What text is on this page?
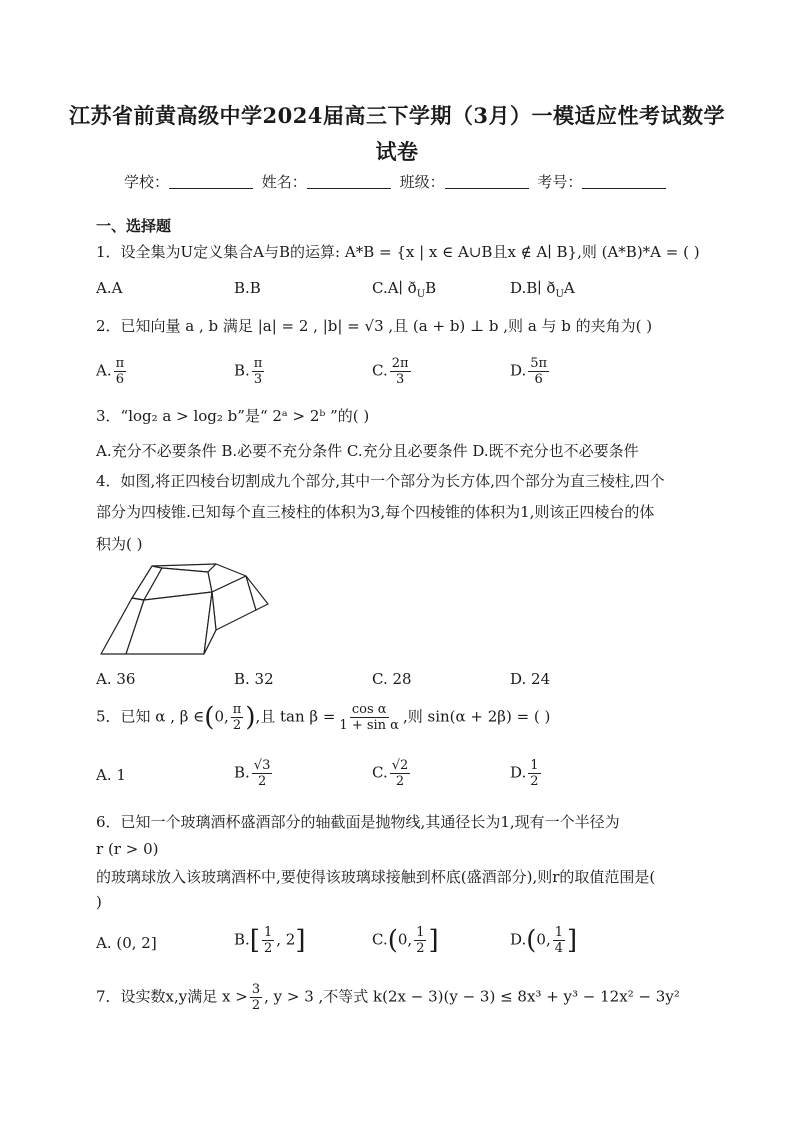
江苏省前黄高级中学2024届高三下学期（3月）一模适应性考试数学
试卷
学校：	姓名：	班级：	考号：
一、选择题
1．设全集为U定义集合A与B的运算: A*B = {x | x ∈ A∪B且x ∉ A∣ B},则 (A*B)*A = ( )
A.A	B.B	C.A∣ $ð_UB$	D.B∣ $ð_UA$
2．已知向量 a , b 满足 |a| = 2 , |b| = √3 ,且 (a + b) ⊥ b ,则 a 与 b 的夹角为( )
A. $\frac{\pi}{6}$	B. $\frac{\pi}{3}$	C. $\frac{2\pi}{3}$	D. $\frac{5\pi}{6}$
3．“log₂ a > log₂ b”是“ 2ᵃ > 2ᵇ ”的( )
A.充分不必要条件 B.必要不充分条件 C.充分且必要条件 D.既不充分也不必要条件
4．如图,将正四棱台切割成九个部分,其中一个部分为长方体,四个部分为直三棱柱,四个
部分为四棱锥.已知每个直三棱柱的体积为3,每个四棱锥的体积为1,则该正四棱台的体
积为( )
A. 36	B. 32	C. 28	D. 24
5．已知 α , β ∈(0, $\frac{\pi}{2}$ ),且 $\tan \beta = \frac{\text{cos α}}{\text{1 + sin α}}$ ,则 sin(α + 2β) = ( )
A. 1	B. $\frac{√3}{2}$	C. $\frac{√2}{2}$	D. $\frac{1}{2}$
6．已知一个玻璃酒杯盛酒部分的轴截面是抛物线,其通径长为1,现有一个半径为
r (r > 0)
的玻璃球放入该玻璃酒杯中,要使得该玻璃球接触到杯底(盛酒部分),则r的取值范围是(
)
A. (0, 2]	$B.[ \frac{1}{2}$ , 2]	C.(0, $\frac{1}{2}$ ]	D.(0, $\frac{1}{4}$ ]
7．设实数x,y满足 $x > \frac{3}{2}$ , y > 3 ,不等式 k(2x − 3)(y − 3) ≤ 8x³ + y³ − 12x² − 3y²
